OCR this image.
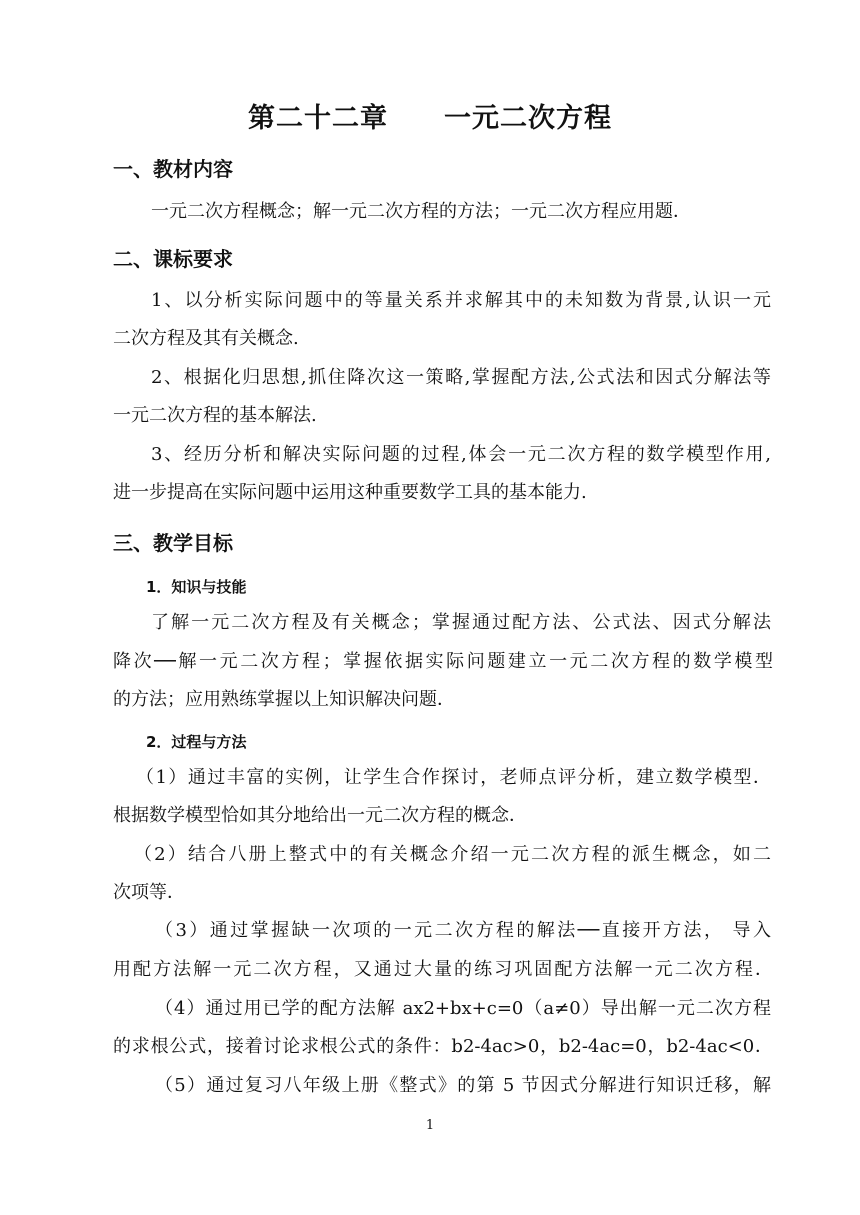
第二十二章 一元二次方程
一、教材内容
一元二次方程概念；解一元二次方程的方法；一元二次方程应用题．
二、课标要求
1、以分析实际问题中的等量关系并求解其中的未知数为背景,认识一元
二次方程及其有关概念.
2、根据化归思想,抓住降次这一策略,掌握配方法,公式法和因式分解法等
一元二次方程的基本解法.
3、经历分析和解决实际问题的过程,体会一元二次方程的数学模型作用,
进一步提高在实际问题中运用这种重要数学工具的基本能力.
三、教学目标
1．知识与技能
了解一元二次方程及有关概念；掌握通过配方法、公式法、因式分解法
降次──解一元二次方程；掌握依据实际问题建立一元二次方程的数学模型
的方法；应用熟练掌握以上知识解决问题．
2．过程与方法
（1）通过丰富的实例，让学生合作探讨，老师点评分析，建立数学模型．
根据数学模型恰如其分地给出一元二次方程的概念．
（2）结合八册上整式中的有关概念介绍一元二次方程的派生概念，如二
次项等．
（3）通过掌握缺一次项的一元二次方程的解法──直接开方法， 导入
用配方法解一元二次方程，又通过大量的练习巩固配方法解一元二次方程．
（4）通过用已学的配方法解 ax2+bx+c=0（a≠0）导出解一元二次方程
的求根公式，接着讨论求根公式的条件：b2-4ac>0，b2-4ac=0，b2-4ac<0．
（5）通过复习八年级上册《整式》的第 5 节因式分解进行知识迁移，解
1
